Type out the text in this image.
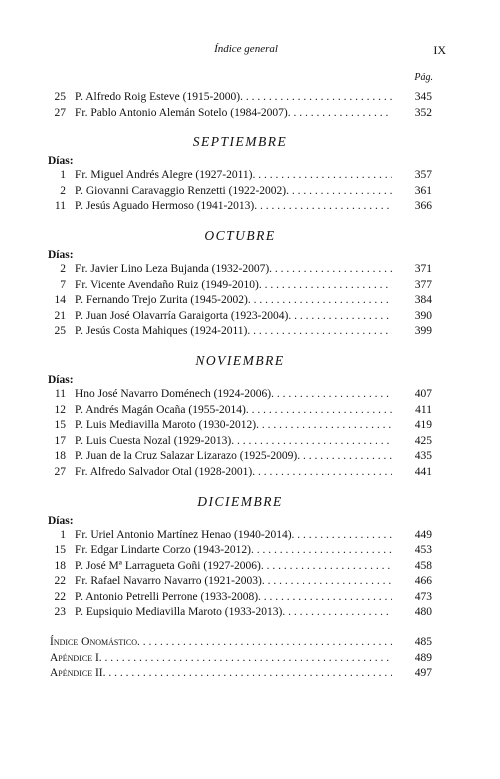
Índice general	IX
Pág.
25 P. Alfredo Roig Esteve (1915-2000) . . .	345
27 Fr. Pablo Antonio Alemán Sotelo (1984-2007) . . .	352
SEPTIEMBRE
Días:
1 Fr. Miguel Andrés Alegre (1927-2011) . . .	357
2 P. Giovanni Caravaggio Renzetti (1922-2002) . . .	361
11 P. Jesús Aguado Hermoso (1941-2013) . . .	366
OCTUBRE
Días:
2 Fr. Javier Lino Leza Bujanda (1932-2007) . . .	371
7 Fr. Vicente Avendaño Ruiz (1949-2010) . . .	377
14 P. Fernando Trejo Zurita (1945-2002) . . .	384
21 P. Juan José Olavarría Garaigorta (1923-2004) . . .	390
25 P. Jesús Costa Mahiques (1924-2011) . . .	399
NOVIEMBRE
Días:
11 Hno José Navarro Doménech (1924-2006) . . .	407
12 P. Andrés Magán Ocaña (1955-2014) . . .	411
15 P. Luis Mediavilla Maroto (1930-2012) . . .	419
17 P. Luis Cuesta Nozal (1929-2013) . . .	425
18 P. Juan de la Cruz Salazar Lizarazo (1925-2009) . . .	435
27 Fr. Alfredo Salvador Otal (1928-2001) . . .	441
DICIEMBRE
Días:
1 Fr. Uriel Antonio Martínez Henao (1940-2014) . . .	449
15 Fr. Edgar Lindarte Corzo (1943-2012) . . .	453
18 P. José Mª Larragueta Goñi (1927-2006) . . .	458
22 Fr. Rafael Navarro Navarro (1921-2003) . . .	466
22 P. Antonio Petrelli Perrone (1933-2008) . . .	473
23 P. Eupsiquio Mediavilla Maroto (1933-2013) . . .	480
Índice Onomástico . . .	485
Apéndice I . . .	489
Apéndice II . . .	497
